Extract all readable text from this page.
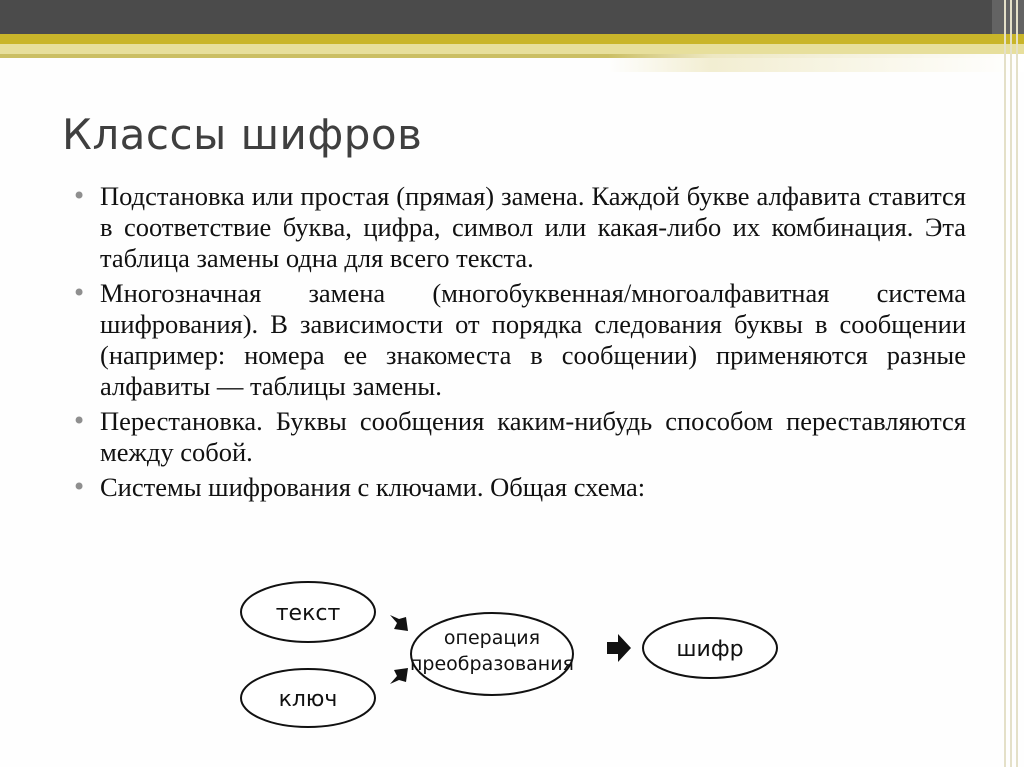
Классы шифров
• Подстановка или простая (прямая) замена. Каждой букве алфавита ставится в соответствие буква, цифра, символ или какая-либо их комбинация. Эта таблица замены одна для всего текста.
• Многозначная замена (многобуквенная/многоалфавитная система шифрования). В зависимости от порядка следования буквы в сообщении (например: номера ее знакоместа в сообщении) применяются разные алфавиты — таблицы замены.
• Перестановка. Буквы сообщения каким-нибудь способом переставляются между собой.
• Системы шифрования с ключами. Общая схема:
текст
ключ
операция
преобразования
шифр
